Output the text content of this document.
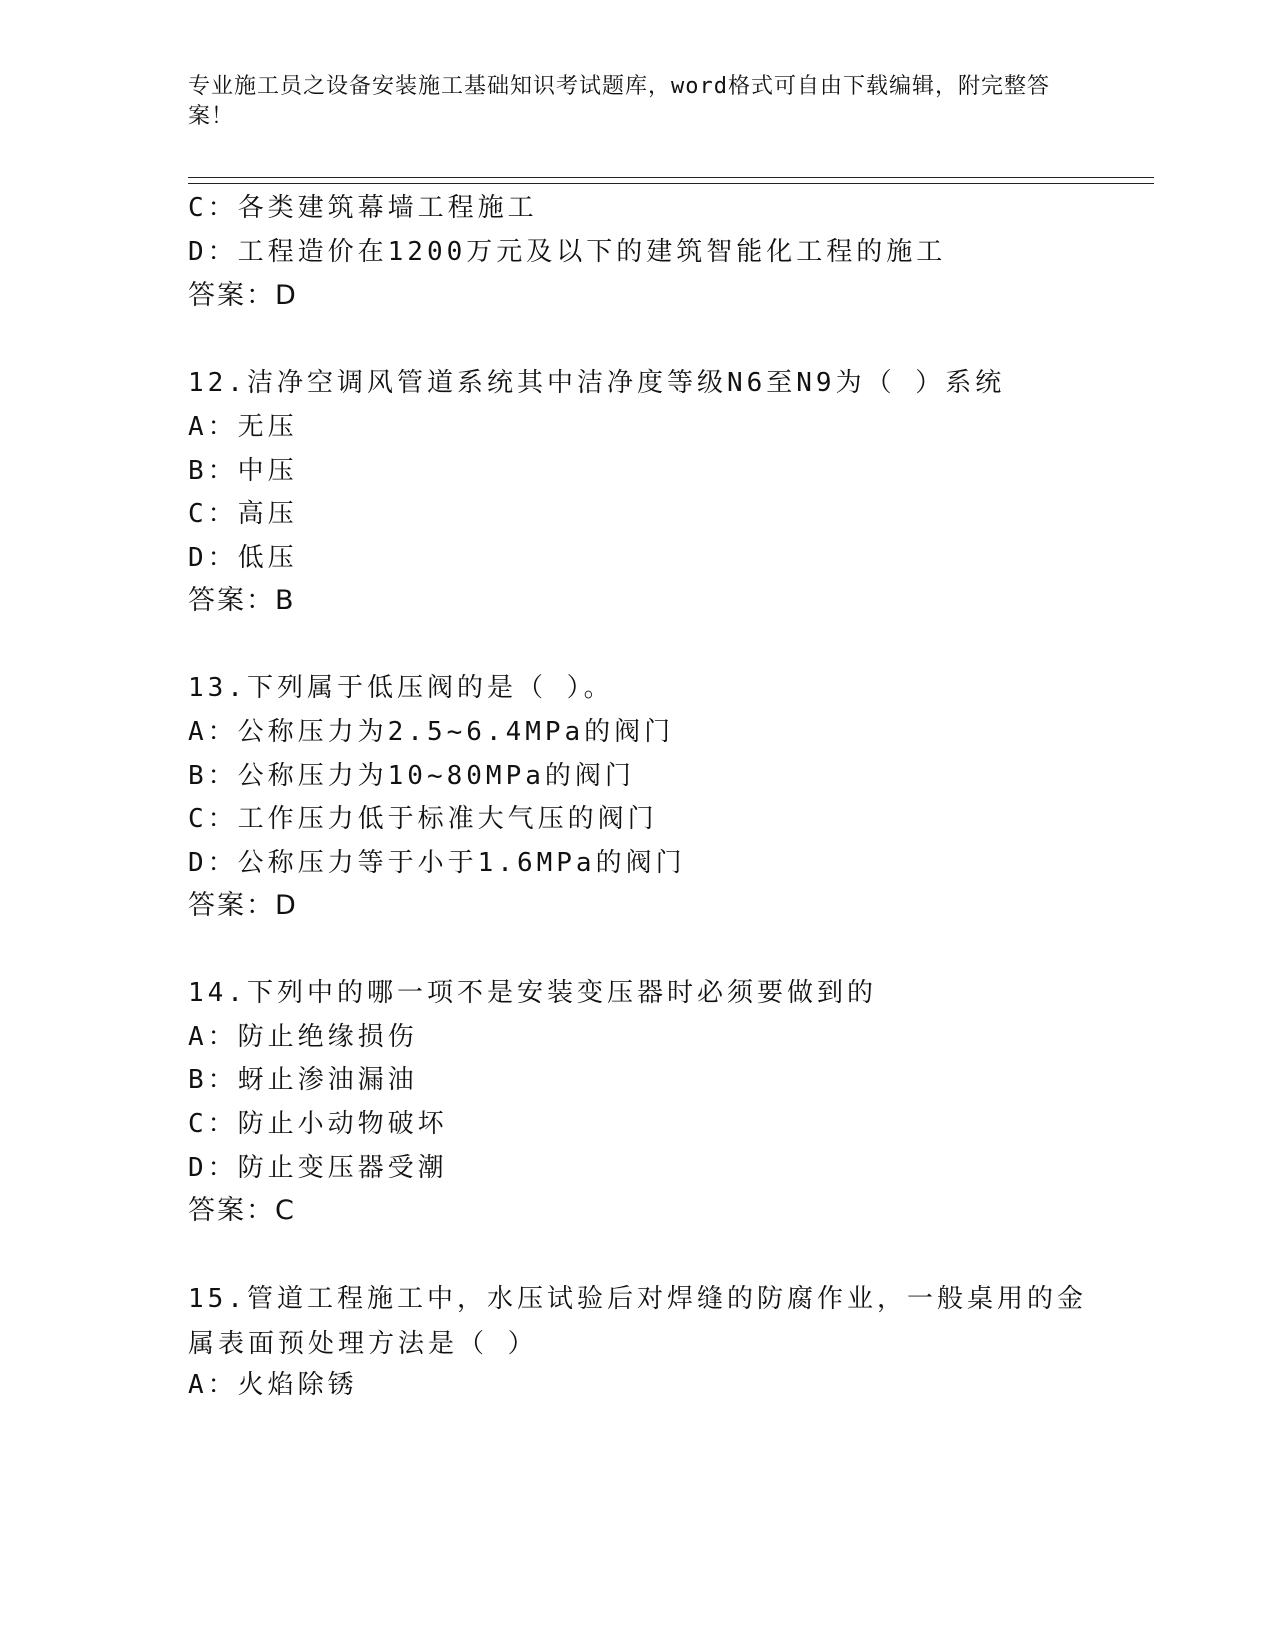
专业施工员之设备安装施工基础知识考试题库，word格式可自由下载编辑，附完整答案！
C：各类建筑幕墙工程施工
D：工程造价在1200万元及以下的建筑智能化工程的施工
答案：D
12.洁净空调风管道系统其中洁净度等级N6至N9为（ ）系统
A：无压
B：中压
C：高压
D：低压
答案：B
13.下列属于低压阀的是（ ）。
A：公称压力为2.5~6.4MPa的阀门
B：公称压力为10~80MPa的阀门
C：工作压力低于标准大气压的阀门
D：公称压力等于小于1.6MPa的阀门
答案：D
14.下列中的哪一项不是安装变压器时必须要做到的
A：防止绝缘损伤
B：蚜止渗油漏油
C：防止小动物破坏
D：防止变压器受潮
答案：C
15.管道工程施工中，水压试验后对焊缝的防腐作业，一般桌用的金属表面预处理方法是（ ）
A：火焰除锈
